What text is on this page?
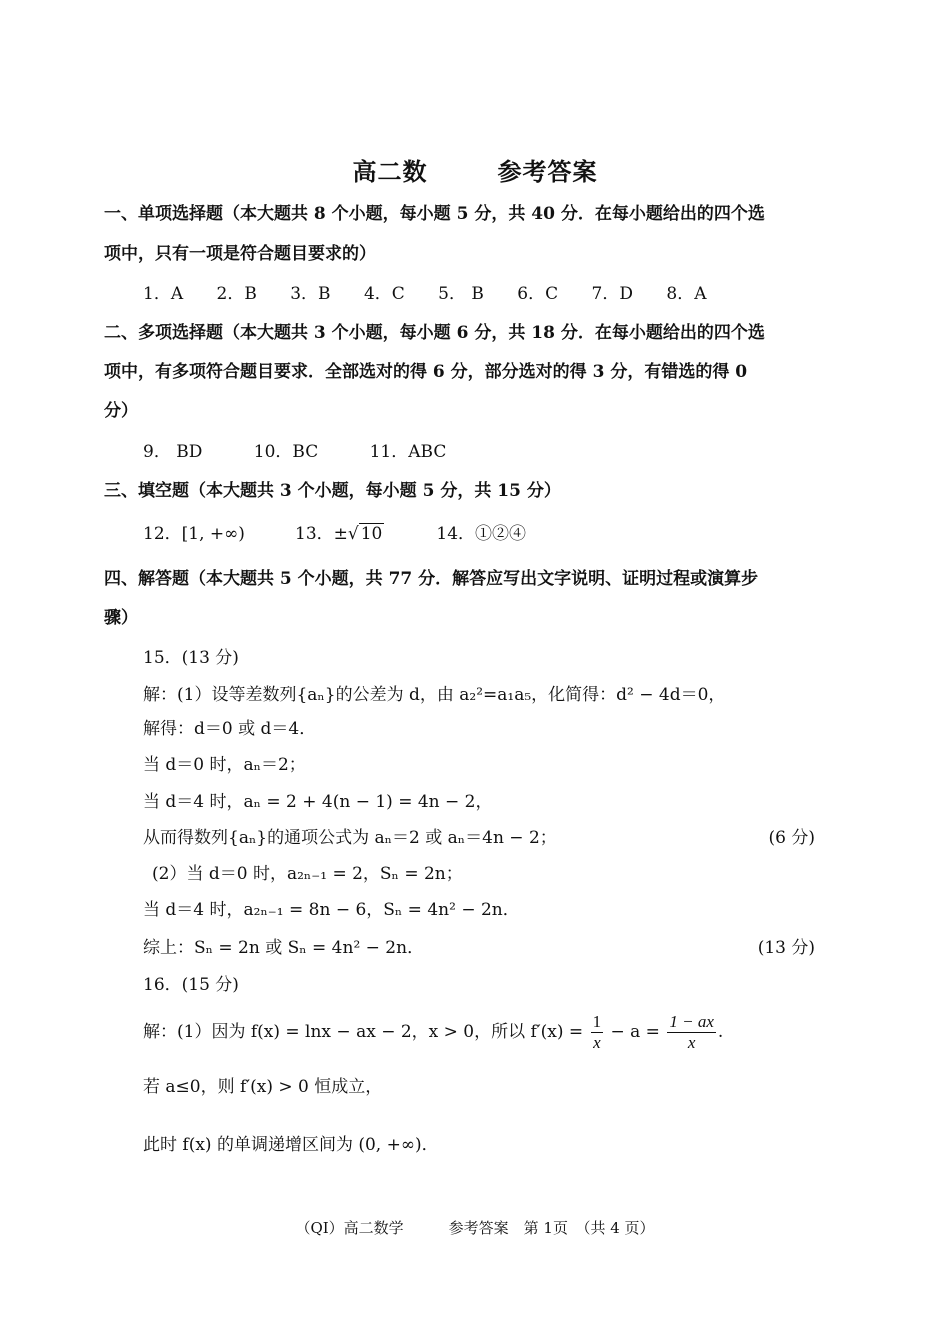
高二数	参考答案
一、单项选择题（本大题共 8 个小题，每小题 5 分，共 40 分．在每小题给出的四个选
项中，只有一项是符合题目要求的）
1．A 2．B 3．B 4．C 5． B 6．C 7．D 8．A
二、多项选择题（本大题共 3 个小题，每小题 6 分，共 18 分．在每小题给出的四个选
项中，有多项符合题目要求．全部选对的得 6 分，部分选对的得 3 分，有错选的得 0
分）
9． BD	10．BC	11．ABC
三、填空题（本大题共 3 个小题，每小题 5 分，共 15 分）
12．[1, +∞)	13．±√ 10	14．①②④
四、解答题（本大题共 5 个小题，共 77 分．解答应写出文字说明、证明过程或演算步
骤）
15．(13 分)
解：(1）设等差数列{aₙ}的公差为 d，由 a₂²=a₁a₅，化简得：d² − 4d＝0，
解得：d＝0 或 d＝4．
当 d＝0 时，aₙ＝2；
当 d＝4 时，aₙ = 2 + 4(n − 1) = 4n − 2，
从而得数列{aₙ}的通项公式为 aₙ＝2 或 aₙ＝4n − 2；	(6 分)
(2）当 d＝0 时，a₂ₙ₋₁ = 2，Sₙ = 2n；
当 d＝4 时，a₂ₙ₋₁ = 8n − 6，Sₙ = 4n² − 2n．
综上：Sₙ = 2n 或 Sₙ = 4n² − 2n．	(13 分)
16．(15 分)
解：(1）因为 f(x) = lnx − ax − 2，x > 0，所以 $f'(x) = \frac{1}{x} - a = \frac{1 - ax}{x}$ .
若 a≤0，则 f′(x) > 0 恒成立，
此时 f(x) 的单调递增区间为 (0, +∞)．
（QI）高二数学　　　参考答案　第 1页　（共 4 页）
